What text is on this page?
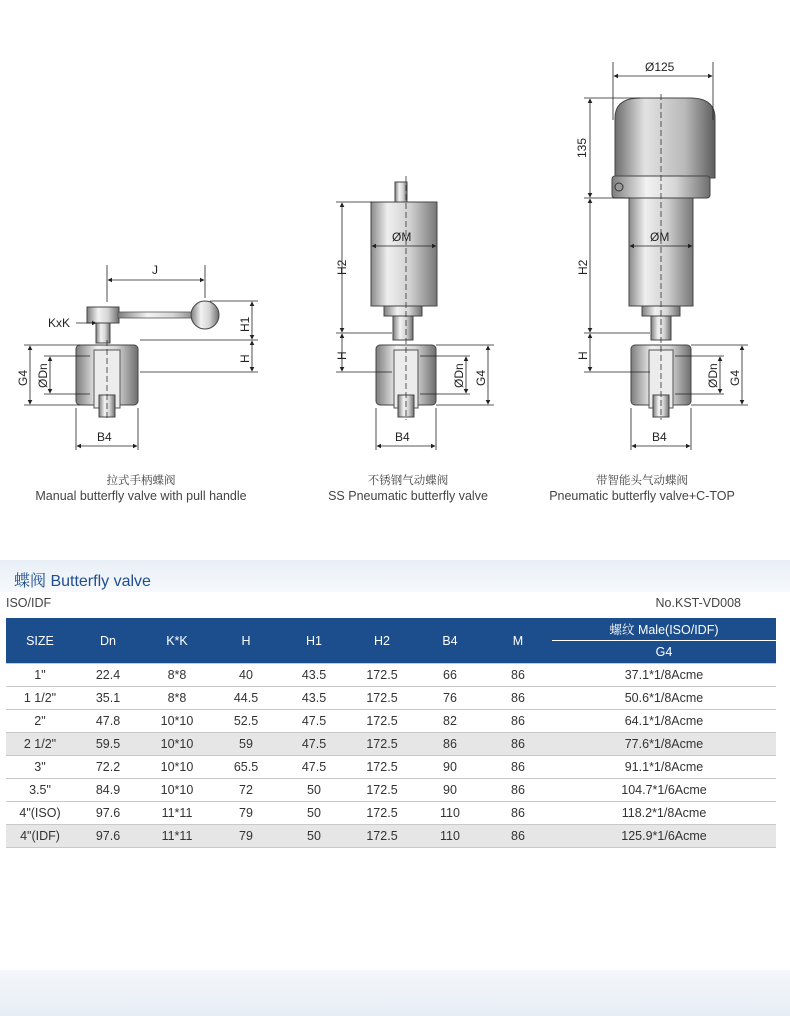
J
KxK	H1
H
G4 ØDn
B4
ØM
H2
H
ØDn G4
B4
Ø125
135
ØM
H2
H
ØDn G4
B4
拉式手柄蝶阀
Manual butterfly valve with pull handle
不锈钢气动蝶阀
SS Pneumatic butterfly valve
带智能头气动蝶阀
Pneumatic butterfly valve+C-TOP
蝶阀 Butterfly valve
ISO/IDF	No.KST-VD008
SIZE	Dn	K*K	H	H1	H2	B4	M	螺纹 Male(ISO/IDF)
								G4
1"	22.4	8*8	40	43.5	172.5	66	86	37.1*1/8Acme
1 1/2"	35.1	8*8	44.5	43.5	172.5	76	86	50.6*1/8Acme
2"	47.8	10*10	52.5	47.5	172.5	82	86	64.1*1/8Acme
2 1/2"	59.5	10*10	59	47.5	172.5	86	86	77.6*1/8Acme
3"	72.2	10*10	65.5	47.5	172.5	90	86	91.1*1/8Acme
3.5"	84.9	10*10	72	50	172.5	90	86	104.7*1/6Acme
4"(ISO)	97.6	11*11	79	50	172.5	110	86	118.2*1/8Acme
4"(IDF)	97.6	11*11	79	50	172.5	110	86	125.9*1/6Acme
